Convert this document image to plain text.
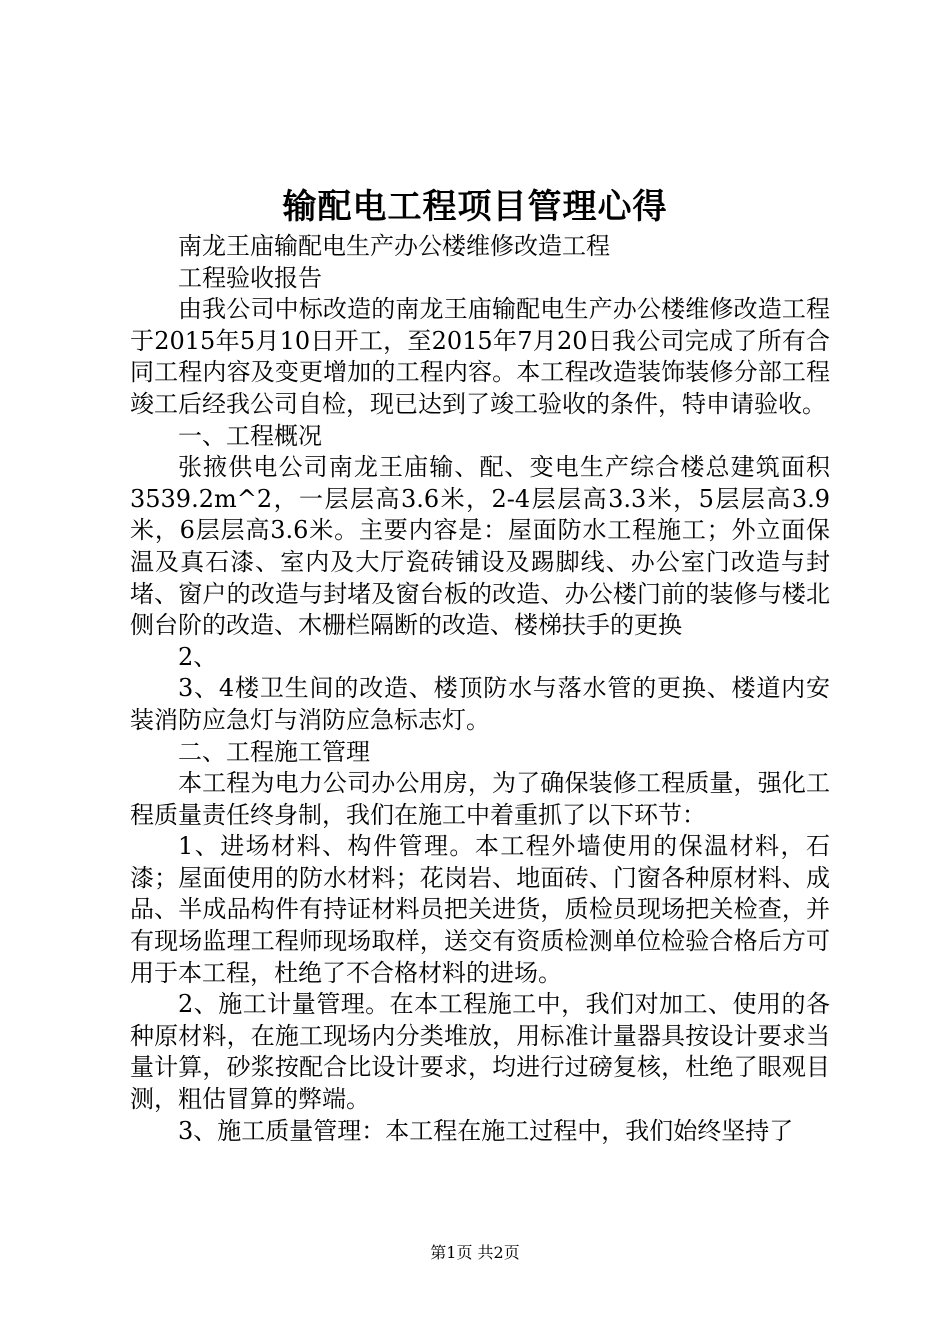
输配电工程项目管理心得

南龙王庙输配电生产办公楼维修改造工程

工程验收报告

由我公司中标改造的南龙王庙输配电生产办公楼维修改造工程于2015年5月10日开工，至2015年7月20日我公司完成了所有合同工程内容及变更增加的工程内容。本工程改造装饰装修分部工程竣工后经我公司自检，现已达到了竣工验收的条件，特申请验收。

一、工程概况

张掖供电公司南龙王庙输、配、变电生产综合楼总建筑面积3539.2m^2，一层层高3.6米，2-4层层高3.3米，5层层高3.9米，6层层高3.6米。主要内容是：屋面防水工程施工；外立面保温及真石漆、室内及大厅瓷砖铺设及踢脚线、办公室门改造与封堵、窗户的改造与封堵及窗台板的改造、办公楼门前的装修与楼北侧台阶的改造、木栅栏隔断的改造、楼梯扶手的更换

2、

3、4楼卫生间的改造、楼顶防水与落水管的更换、楼道内安装消防应急灯与消防应急标志灯。

二、工程施工管理

本工程为电力公司办公用房，为了确保装修工程质量，强化工程质量责任终身制，我们在施工中着重抓了以下环节：

1、进场材料、构件管理。本工程外墙使用的保温材料，石漆；屋面使用的防水材料；花岗岩、地面砖、门窗各种原材料、成品、半成品构件有持证材料员把关进货，质检员现场把关检查，并有现场监理工程师现场取样，送交有资质检测单位检验合格后方可用于本工程，杜绝了不合格材料的进场。

2、施工计量管理。在本工程施工中，我们对加工、使用的各种原材料，在施工现场内分类堆放，用标准计量器具按设计要求当量计算，砂浆按配合比设计要求，均进行过磅复核，杜绝了眼观目测，粗估冒算的弊端。

3、施工质量管理：本工程在施工过程中，我们始终坚持了

第1页 共2页
